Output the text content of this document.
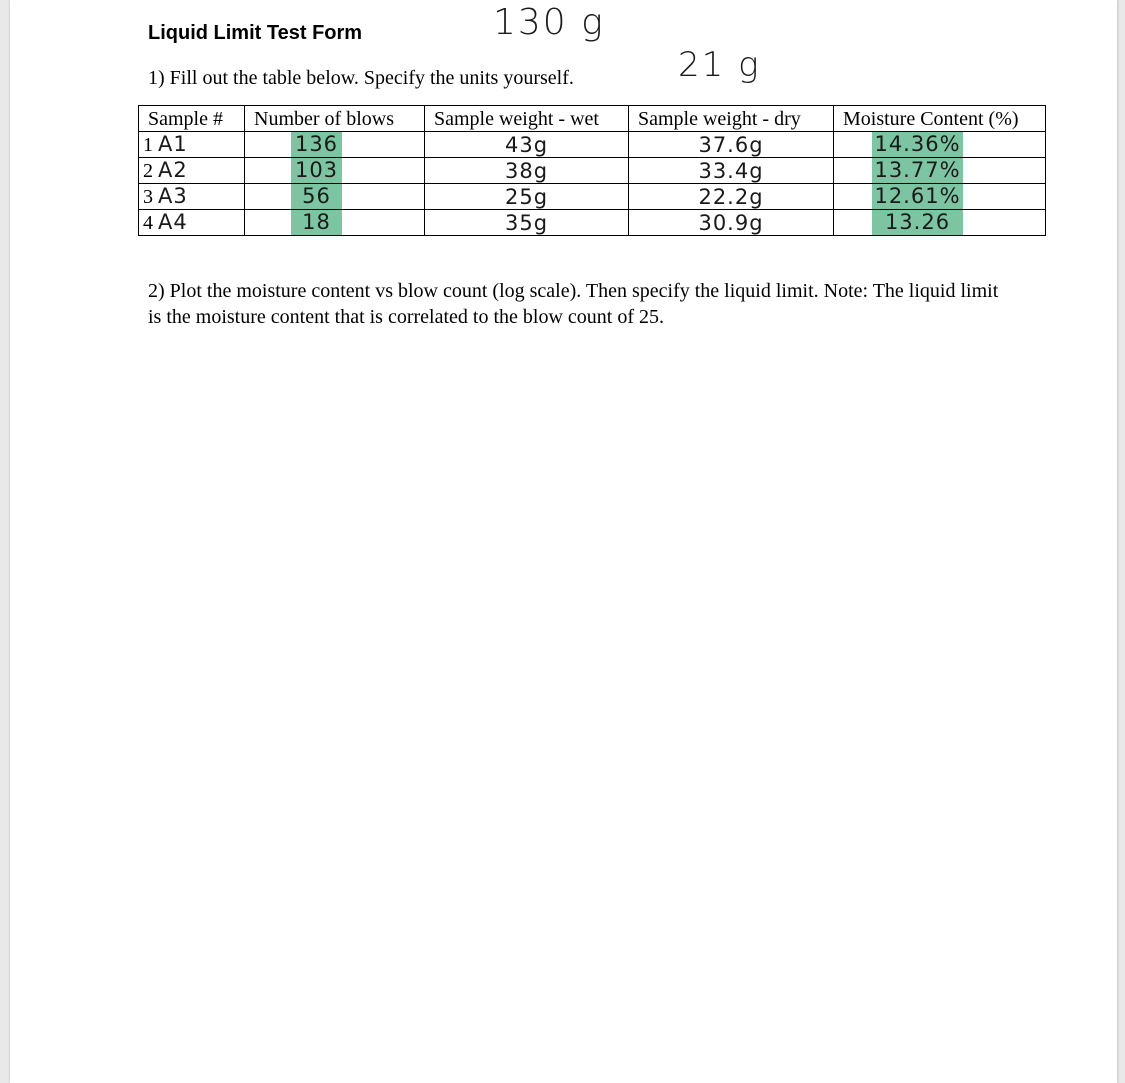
Liquid Limit Test Form	130 g
21 g
1) Fill out the table below. Specify the units yourself.
Sample #	Number of blows	Sample weight - wet	Sample weight - dry	Moisture Content (%)
1 A1	136	43g	37.6g	14.36%

2 A2	103	38g	33.4g	13.77%

3 A3	56	25g	22.2g	12.61%

4 A4	18	35g	30.9g	13.26
2) Plot the moisture content vs blow count (log scale). Then specify the liquid limit. Note: The liquid limit is the moisture content that is correlated to the blow count of 25.
